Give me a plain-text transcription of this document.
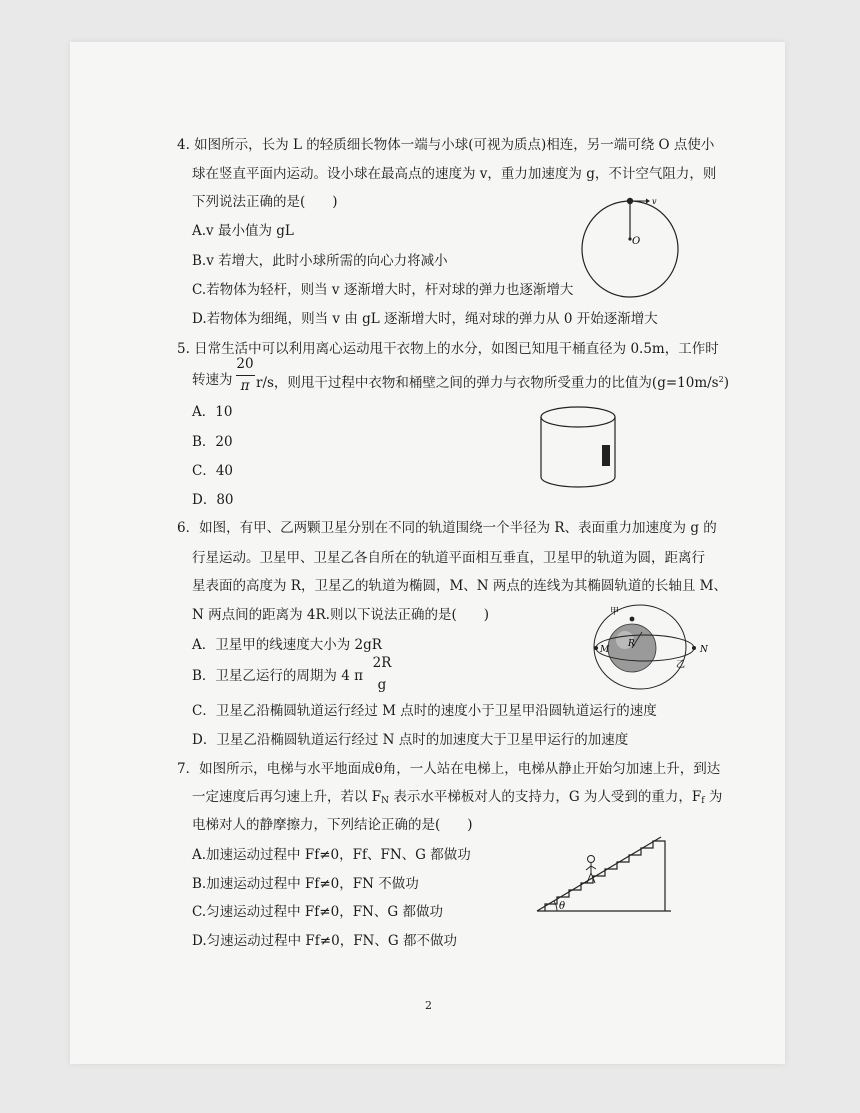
4. 如图所示，长为 L 的轻质细长物体一端与小球(可视为质点)相连，另一端可绕 O 点使小
球在竖直平面内运动。设小球在最高点的速度为 v，重力加速度为 g，不计空气阻力，则
下列说法正确的是(　　)
A.v 最小值为 gL
B.v 若增大，此时小球所需的向心力将减小
C.若物体为轻杆，则当 v 逐渐增大时，杆对球的弹力也逐渐增大
D.若物体为细绳，则当 v 由 gL 逐渐增大时，绳对球的弹力从 0 开始逐渐增大
v
O
5. 日常生活中可以利用离心运动甩干衣物上的水分，如图已知甩干桶直径为 0.5m，工作时
转速为
20
π r/s，则甩干过程中衣物和桶壁之间的弹力与衣物所受重力的比值为$(g=10m/s^2)$
A．10
B．20
C．40
D．80
6．如图，有甲、乙两颗卫星分别在不同的轨道围绕一个半径为 R、表面重力加速度为 g 的
行星运动。卫星甲、卫星乙各自所在的轨道平面相互垂直，卫星甲的轨道为圆，距离行
星表面的高度为 R，卫星乙的轨道为椭圆，M、N 两点的连线为其椭圆轨道的长轴且 M、
N 两点间的距离为 4R.则以下说法正确的是(　　)
A．卫星甲的线速度大小为 2gR
B．卫星乙运行的周期为 4 π
2R
g
C．卫星乙沿椭圆轨道运行经过 M 点时的速度小于卫星甲沿圆轨道运行的速度
D．卫星乙沿椭圆轨道运行经过 N 点时的加速度大于卫星甲运行的加速度
甲
M
R
N
乙
7．如图所示，电梯与水平地面成θ角，一人站在电梯上，电梯从静止开始匀加速上升，到达
一定速度后再匀速上升，若以 $F_N$ 表示水平梯板对人的支持力，G 为人受到的重力，$F_f$ 为
电梯对人的静摩擦力，下列结论正确的是(　　)
A.加速运动过程中 Ff≠0，Ff、FN、G 都做功
B.加速运动过程中 Ff≠0，FN 不做功
C.匀速运动过程中 Ff≠0，FN、G 都做功
D.匀速运动过程中 Ff≠0，FN、G 都不做功
θ
2
